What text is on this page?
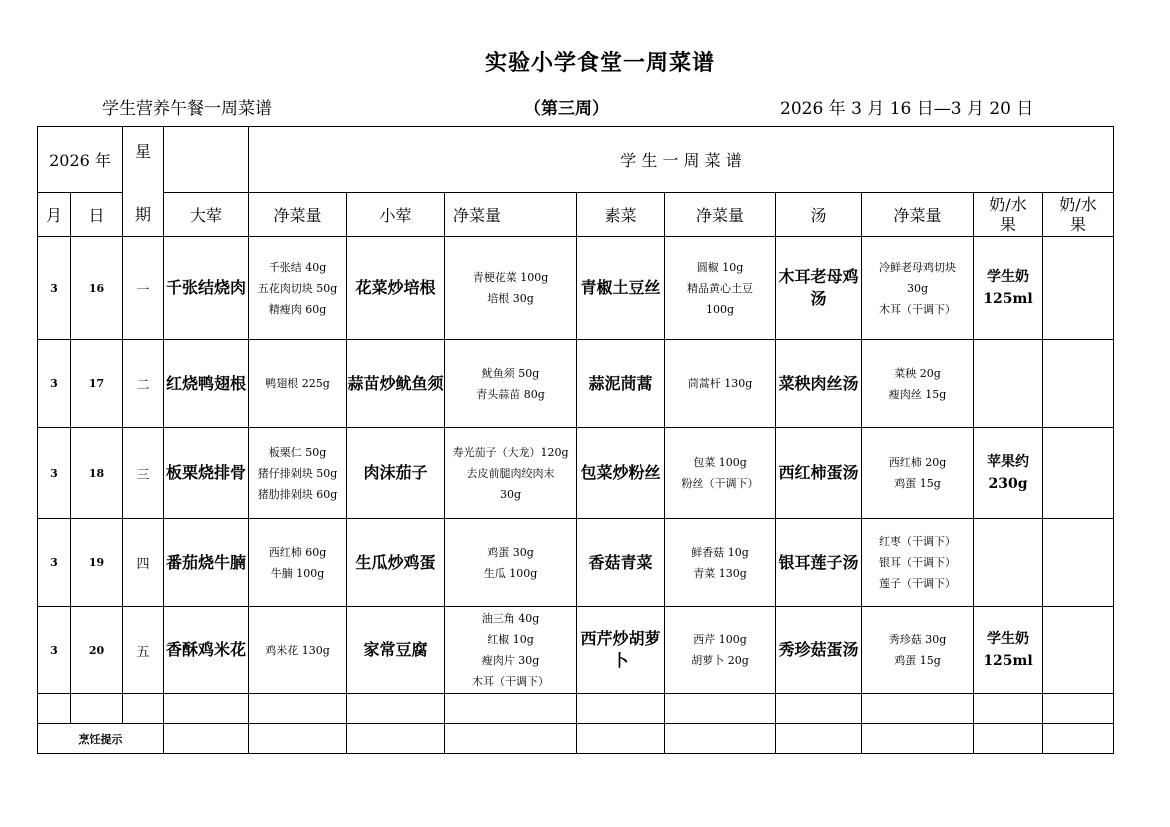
实验小学食堂一周菜谱
学生营养午餐一周菜谱	（第三周）	2026 年 3 月 16 日—3 月 20 日
2026 年		星
期		学 生 一 周 菜 谱								
月	日		大荤	净菜量	小荤	净菜量	素菜	净菜量	汤	净菜量	奶/水果	奶/水果
3	16	一	千张结烧肉	千张结 40g
五花肉切块 50g
精瘦肉 60g	花菜炒培根	青梗花菜 100g
培根 30g	青椒土豆丝	圆椒 10g
精品黄心土豆
100g	木耳老母鸡汤	冷鲜老母鸡切块
30g
木耳（干调下）	学生奶 125ml	
3	17	二	红烧鸭翅根	鸭翅根 225g	蒜苗炒鱿鱼须	鱿鱼须 50g
青头蒜苗 80g	蒜泥茼蒿	茼蒿杆 130g	菜秧肉丝汤	菜秧 20g
瘦肉丝 15g		

3	18	三	板栗烧排骨	板栗仁 50g
猪仔排剁块 50g
猪肋排剁块 60g	肉沫茄子	寿光茄子（大龙）120g
去皮前腿肉绞肉末
30g	包菜炒粉丝	包菜 100g
粉丝（干调下）	西红柿蛋汤	西红柿 20g
鸡蛋 15g	苹果约 230g	
3	19	四	番茄烧牛腩	西红柿 60g
牛腩 100g	生瓜炒鸡蛋	鸡蛋 30g
生瓜 100g	香菇青菜	鲜香菇 10g
青菜 130g	银耳莲子汤	红枣（干调下）
银耳（干调下）
莲子（干调下）		

3	20	五	香酥鸡米花	鸡米花 130g	家常豆腐	油三角 40g
红椒 10g
瘦肉片 30g
木耳（干调下）	西芹炒胡萝卜	西芹 100g
胡萝卜 20g	秀珍菇蛋汤	秀珍菇 30g
鸡蛋 15g	学生奶 125ml	

烹饪提示												
